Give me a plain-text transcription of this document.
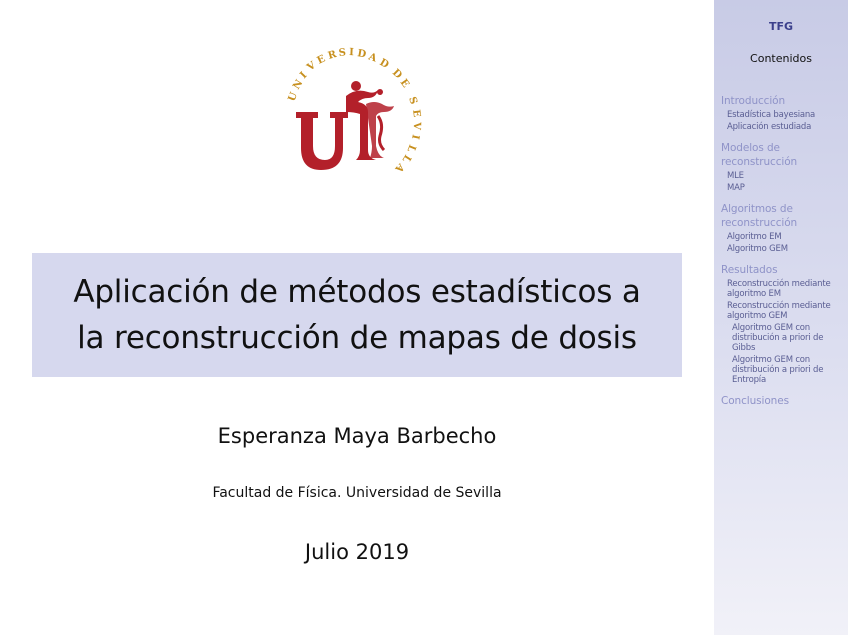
U
N
I
V
E R S I D A D
D
E
S
E
V
I
L
L
A
Aplicación de métodos estadísticos a
la reconstrucción de mapas de dosis
Esperanza Maya Barbecho
Facultad de Física. Universidad de Sevilla
Julio 2019
TFG
Contenidos
Introducción
Estadística bayesiana
Aplicación estudiada
Modelos de reconstrucción
MLE
MAP
Algoritmos de reconstrucción
Algoritmo EM
Algoritmo GEM
Resultados
Reconstrucción mediante algoritmo EM
Reconstrucción mediante algoritmo GEM
Algoritmo GEM con distribución a priori de Gibbs
Algoritmo GEM con distribución a priori de Entropía
Conclusiones
